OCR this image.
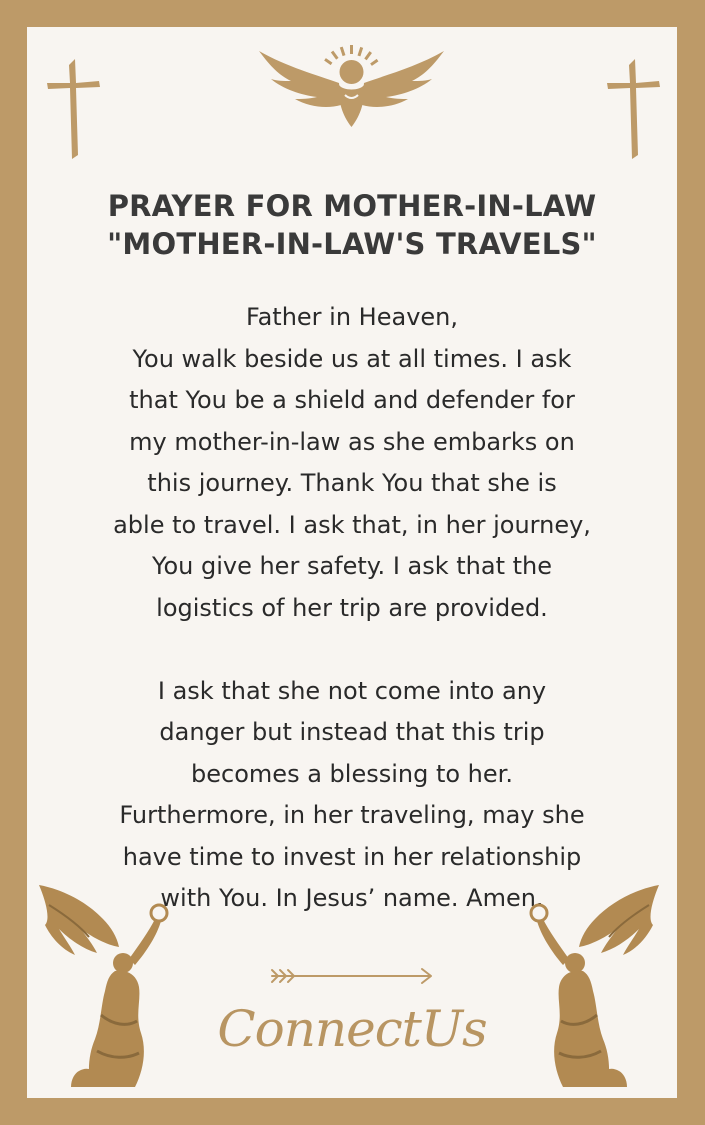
PRAYER FOR MOTHER-IN-LAW
"MOTHER-IN-LAW'S TRAVELS"
Father in Heaven,
You walk beside us at all times. I ask
that You be a shield and defender for
my mother-in-law as she embarks on
this journey. Thank You that she is
able to travel. I ask that, in her journey,
You give her safety. I ask that the
logistics of her trip are provided.
I ask that she not come into any
danger but instead that this trip
becomes a blessing to her.
Furthermore, in her traveling, may she
have time to invest in her relationship
with You. In Jesus’ name. Amen.
ConnectUs
